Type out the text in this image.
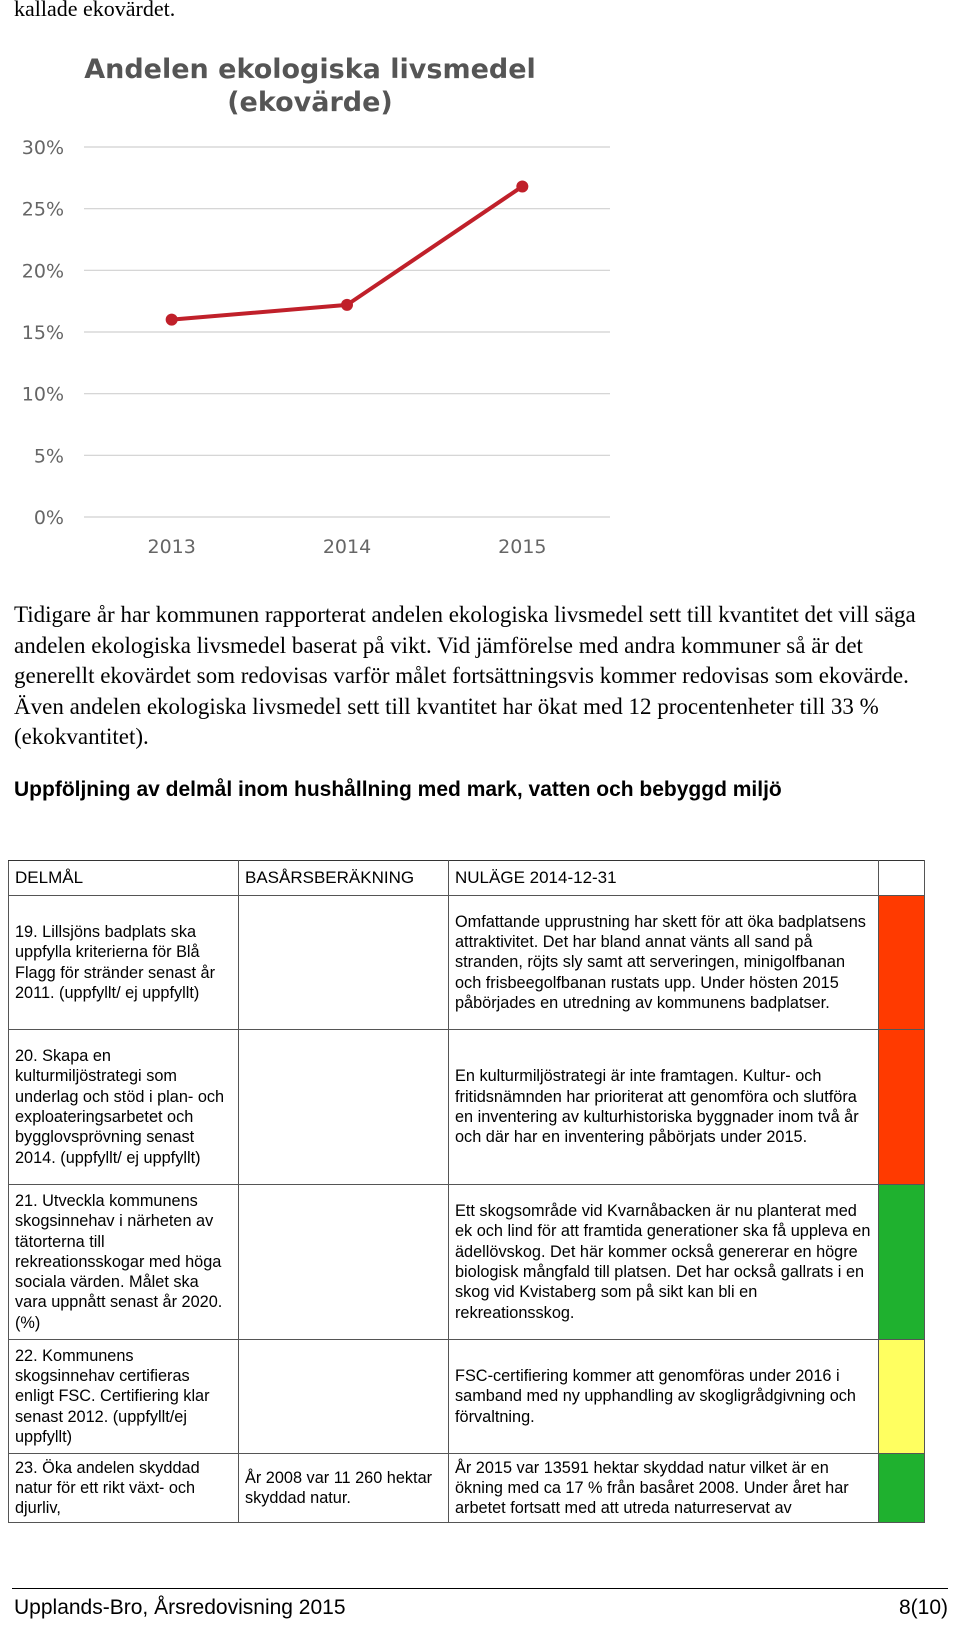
kallade ekovärdet.

Andelen ekologiska livsmedel
(ekovärde)
0%
5%
10%
15%
20%
25%
30%
2013	2014	2015

Tidigare år har kommunen rapporterat andelen ekologiska livsmedel sett till kvantitet det vill säga andelen ekologiska livsmedel baserat på vikt. Vid jämförelse med andra kommuner så är det generellt ekovärdet som redovisas varför målet fortsättningsvis kommer redovisas som ekovärde. Även andelen ekologiska livsmedel sett till kvantitet har ökat med 12 procentenheter till 33 % (ekokvantitet).

Uppföljning av delmål inom hushållning med mark, vatten och bebyggd miljö
DELMÅL	BASÅRSBERÄKNING	NULÄGE 2014-12-31	
19. Lillsjöns badplats ska uppfylla kriterierna för Blå Flagg för stränder senast år 2011. (uppfyllt/ ej uppfyllt)		Omfattande upprustning har skett för att öka badplatsens attraktivitet. Det har bland annat vänts all sand på stranden, röjts sly samt att serveringen, minigolfbanan och frisbeegolfbanan rustats upp. Under hösten 2015 påbörjades en utredning av kommunens badplatser.	
20. Skapa en kulturmiljöstrategi som underlag och stöd i plan- och exploateringsarbetet och bygglovsprövning senast 2014. (uppfyllt/ ej uppfyllt)		En kulturmiljöstrategi är inte framtagen. Kultur- och fritidsnämnden har prioriterat att genomföra och slutföra en inventering av kulturhistoriska byggnader inom två år och där har en inventering påbörjats under 2015.	
21. Utveckla kommunens skogsinnehav i närheten av tätorterna till rekreationsskogar med höga sociala värden. Målet ska vara uppnått senast år 2020. (%)		Ett skogsområde vid Kvarnåbacken är nu planterat med ek och lind för att framtida generationer ska få uppleva en ädellövskog. Det här kommer också genererar en högre biologisk mångfald till platsen. Det har också gallrats i en skog vid Kvistaberg som på sikt kan bli en rekreationsskog.	
22. Kommunens skogsinnehav certifieras enligt FSC. Certifiering klar senast 2012. (uppfyllt/ej uppfyllt)		FSC-certifiering kommer att genomföras under 2016 i samband med ny upphandling av skogligrådgivning och förvaltning.	
23. Öka andelen skyddad natur för ett rikt växt- och djurliv,	År 2008 var 11 260 hektar skyddad natur.	År 2015 var 13591 hektar skyddad natur vilket är en ökning med ca 17 % från basåret 2008. Under året har arbetet fortsatt med att utreda naturreservat av	

Upplands-Bro, Årsredovisning 2015	8(10)
